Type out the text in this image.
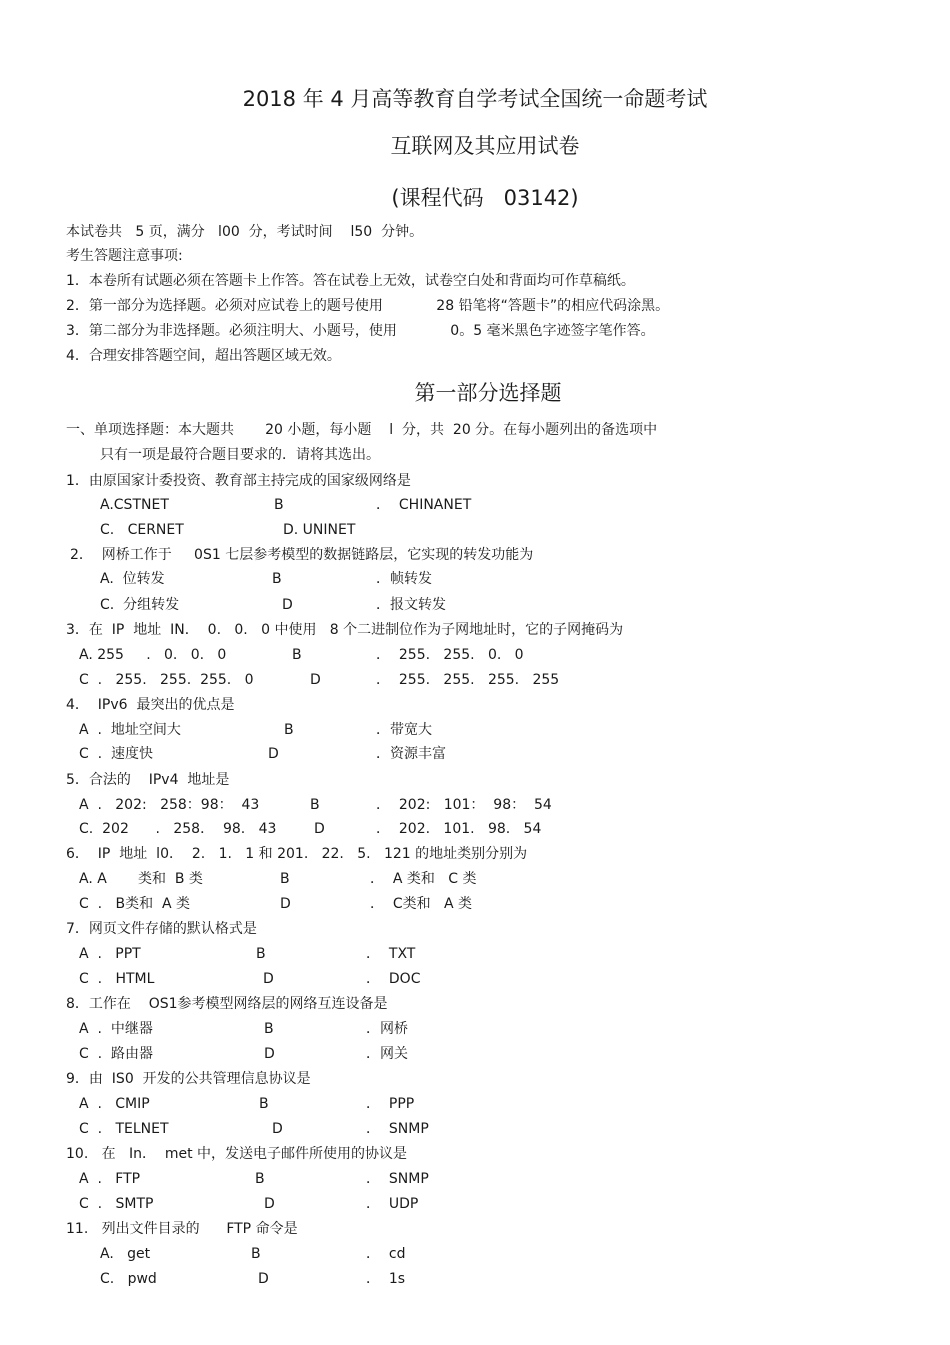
2018 年 4 月高等教育自学考试全国统一命题考试
互联网及其应用试卷
(课程代码   03142)
本试卷共   5 页，满分   l00  分，考试时间    l50  分钟。
考生答题注意事项:
1．本卷所有试题必须在答题卡上作答。答在试卷上无效，试卷空白处和背面均可作草稿纸。
2．第一部分为选择题。必须对应试卷上的题号使用            28 铅笔将“答题卡”的相应代码涂黑。
3．第二部分为非选择题。必须注明大、小题号，使用            0。5 毫米黑色字迹签字笔作答。
4．合理安排答题空间，超出答题区域无效。
第一部分选择题
一、单项选择题：本大题共       20 小题，每小题    l  分，共  20 分。在每小题列出的备选项中
只有一项是最符合题目要求的．请将其选出。
1．由原国家计委投资、教育部主持完成的国家级网络是
A.CSTNET	B	．  CHINANET
C.   CERNET	D. UNINET
2．  网桥工作于     0S1 七层参考模型的数据链路层，它实现的转发功能为
A.  位转发	B	．帧转发
C.  分组转发	D	．报文转发
3．在  IP  地址  IN．  0.   0.   0 中使用   8 个二进制位作为子网地址时，它的子网掩码为
A. 255     .   0.   0.   0	B	．  255.   255.   0.   0
C  .   255.   255.  255.   0	D	．  255.   255.   255.   255
4．  IPv6  最突出的优点是
A  .  地址空间大	B	．带宽大
C  .  速度快	D	．资源丰富
5．合法的    IPv4  地址是
A  .   202:   258：98：  43	B	．  202:   101：  98：  54
C.  202      .   258．  98.   43	D	．  202.   101.   98.   54
6．  IP  地址  l0．  2.   1.   1 和 201.   22.   5.   121 的地址类别分别为
A. A       类和  B 类	B	．  A 类和   C 类
C  .   B类和  A 类	D	．  C类和   A 类
7．网页文件存储的默认格式是
A  .   PPT	B	．  TXT
C  .   HTML	D	．  DOC
8．工作在    OS1参考模型网络层的网络互连设备是
A  .  中继器	B	．网桥
C  .  路由器	D	．网关
9．由  IS0  开发的公共管理信息协议是
A  .   CMIP	B	．  PPP
C  .   TELNET	D	．  SNMP
10.   在   In．  met 中，发送电子邮件所使用的协议是
A  .   FTP	B	．  SNMP
C  .   SMTP	D	．  UDP
11.   列出文件目录的      FTP 命令是
A.   get	B	．  cd
C.   pwd	D	．  1s
